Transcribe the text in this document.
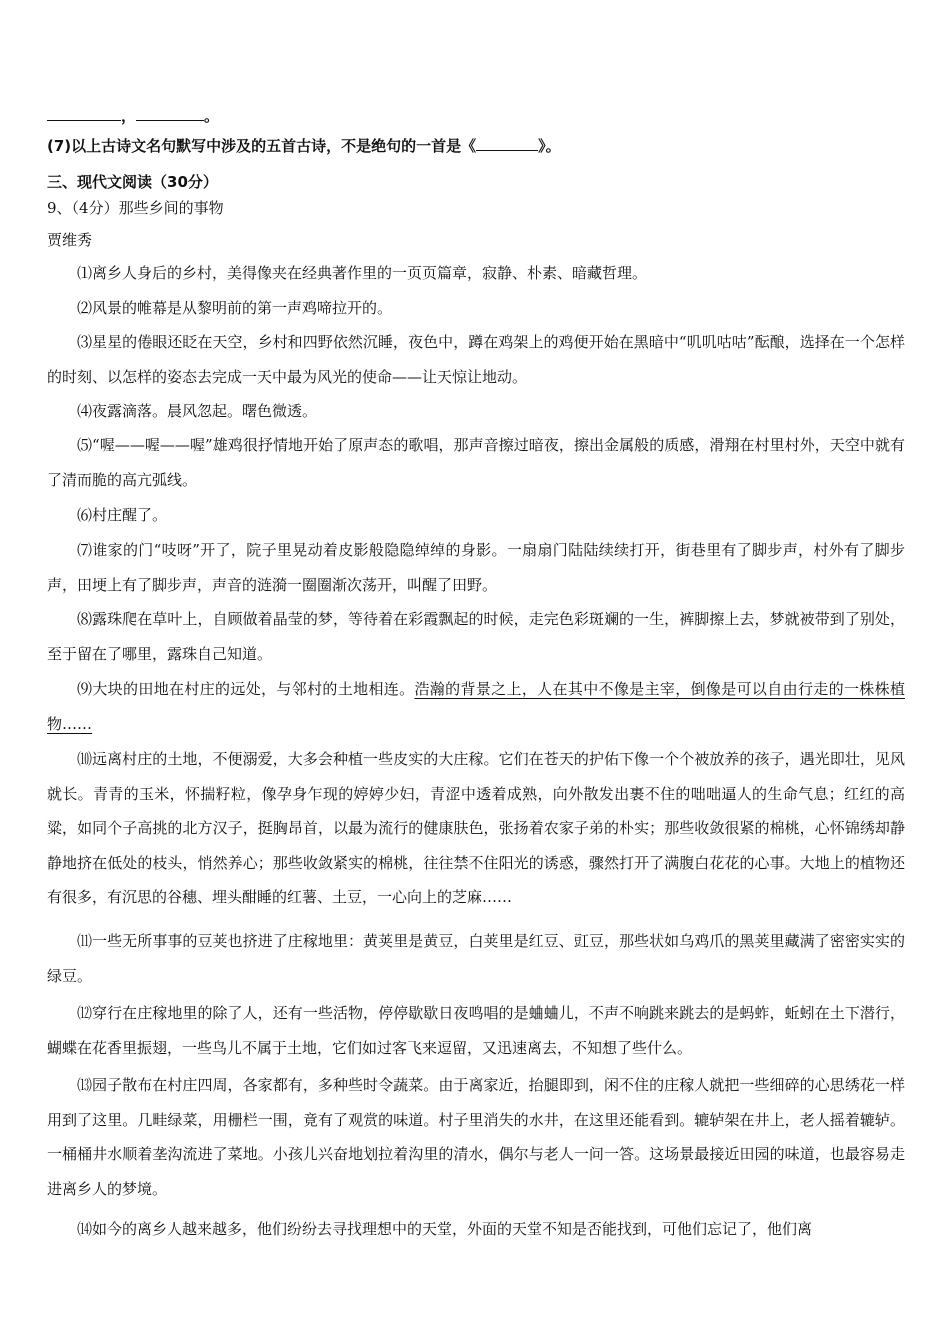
，	。
(7)以上古诗文名句默写中涉及的五首古诗，不是绝句的一首是《	》。
三、现代文阅读（30分）
9、（4分）那些乡间的事物
贾维秀

⑴离乡人身后的乡村，美得像夹在经典著作里的一页页篇章，寂静、朴素、暗藏哲理。

⑵风景的帷幕是从黎明前的第一声鸡啼拉开的。

⑶星星的倦眼还眨在天空，乡村和四野依然沉睡，夜色中，蹲在鸡架上的鸡便开始在黑暗中“叽叽咕咕”酝酿，选择在一个怎样的时刻、以怎样的姿态去完成一天中最为风光的使命——让天惊让地动。

⑷夜露滴落。晨风忽起。曙色微透。

⑸“喔——喔——喔”雄鸡很抒情地开始了原声态的歌唱，那声音擦过暗夜，擦出金属般的质感，滑翔在村里村外，天空中就有了清而脆的高亢弧线。

⑹村庄醒了。

⑺谁家的门“吱呀”开了，院子里晃动着皮影般隐隐绰绰的身影。一扇扇门陆陆续续打开，街巷里有了脚步声，村外有了脚步声，田埂上有了脚步声，声音的涟漪一圈圈渐次荡开，叫醒了田野。

⑻露珠爬在草叶上，自顾做着晶莹的梦，等待着在彩霞飘起的时候，走完色彩斑斓的一生，裤脚擦上去，梦就被带到了别处，至于留在了哪里，露珠自己知道。

⑼大块的田地在村庄的远处，与邻村的土地相连。浩瀚的背景之上，人在其中不像是主宰，倒像是可以自由行走的一株株植物……

⑽远离村庄的土地，不便溺爱，大多会种植一些皮实的大庄稼。它们在苍天的护佑下像一个个被放养的孩子，遇光即壮，见风就长。青青的玉米，怀揣籽粒，像孕身乍现的婷婷少妇，青涩中透着成熟，向外散发出裹不住的咄咄逼人的生命气息；红红的高粱，如同个子高挑的北方汉子，挺胸昂首，以最为流行的健康肤色，张扬着农家子弟的朴实；那些收敛很紧的棉桃，心怀锦绣却静静地挤在低处的枝头，悄然养心；那些收敛紧实的棉桃，往往禁不住阳光的诱惑，骤然打开了满腹白花花的心事。大地上的植物还有很多，有沉思的谷穗、埋头酣睡的红薯、土豆，一心向上的芝麻……

⑾一些无所事事的豆荚也挤进了庄稼地里：黄荚里是黄豆，白荚里是红豆、豇豆，那些状如乌鸡爪的黑荚里藏满了密密实实的绿豆。

⑿穿行在庄稼地里的除了人，还有一些活物，停停歇歇日夜鸣唱的是蛐蛐儿，不声不响跳来跳去的是蚂蚱，蚯蚓在土下潜行，蝴蝶在花香里振翅，一些鸟儿不属于土地，它们如过客飞来逗留，又迅速离去，不知想了些什么。

⒀园子散布在村庄四周，各家都有，多种些时令蔬菜。由于离家近，抬腿即到，闲不住的庄稼人就把一些细碎的心思绣花一样用到了这里。几畦绿菜，用栅栏一围，竟有了观赏的味道。村子里消失的水井，在这里还能看到。辘轳架在井上，老人摇着辘轳。一桶桶井水顺着垄沟流进了菜地。小孩儿兴奋地划拉着沟里的清水，偶尔与老人一问一答。这场景最接近田园的味道，也最容易走进离乡人的梦境。

⒁如今的离乡人越来越多，他们纷纷去寻找理想中的天堂，外面的天堂不知是否能找到，可他们忘记了，他们离
